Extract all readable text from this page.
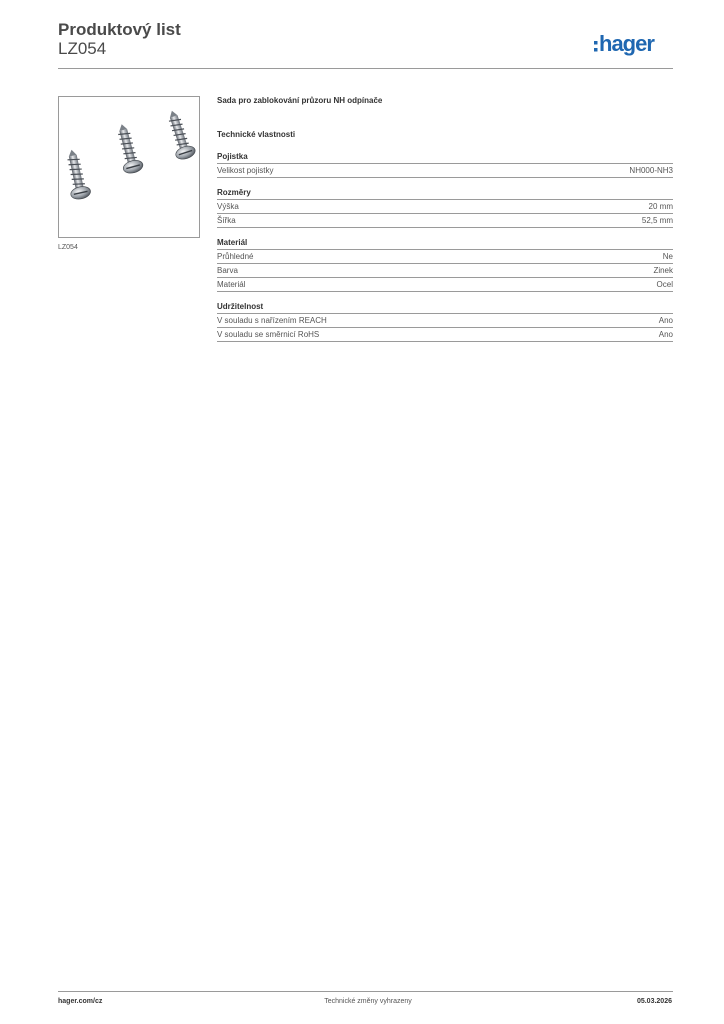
Produktový list
LZ054	hager
LZ054
Sada pro zablokování průzoru NH odpínače
Technické vlastnosti
Pojistka
Velikost pojistky	NH000-NH3
Rozměry
Výška	20 mm
Šířka	52,5 mm
Materiál
Průhledné	Ne
Barva	Zinek
Materiál	Ocel
Udržitelnost
V souladu s nařízením REACH	Ano
V souladu se směrnicí RoHS	Ano
hager.com/cz	Technické změny vyhrazeny	05.03.2026
